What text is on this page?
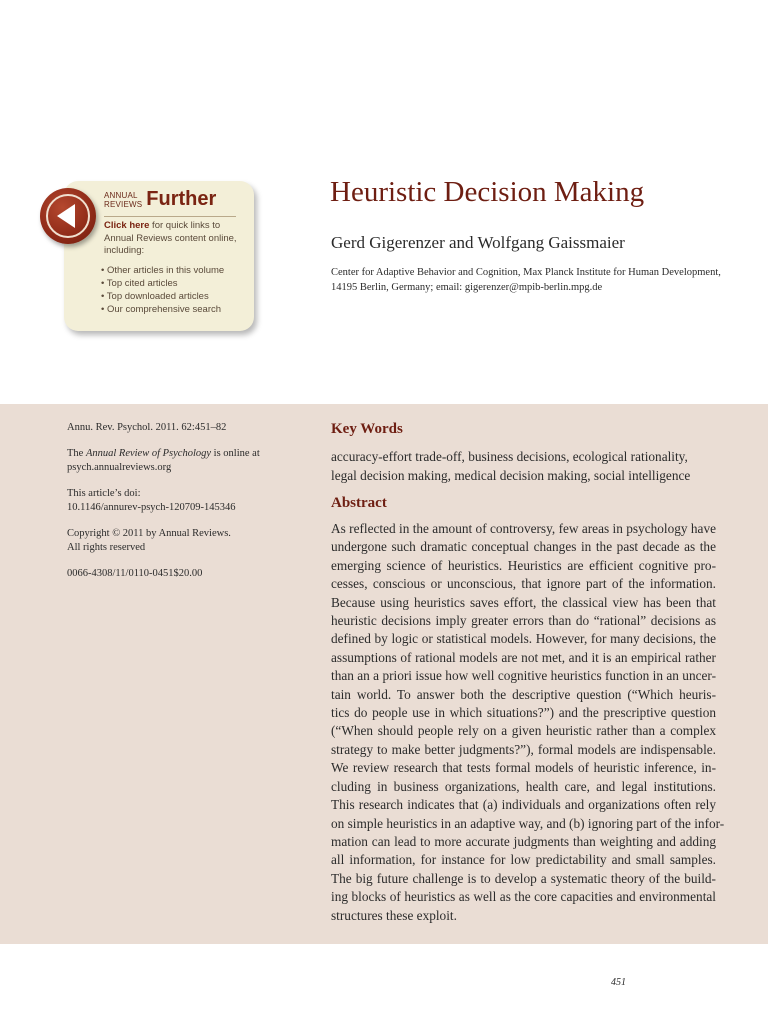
ANNUAL
REVIEWS Further
Click here for quick links to Annual Reviews content online, including:
• Other articles in this volume
• Top cited articles
• Top downloaded articles
• Our comprehensive search
Heuristic Decision Making
Gerd Gigerenzer and Wolfgang Gaissmaier
Center for Adaptive Behavior and Cognition, Max Planck Institute for Human Development, 14195 Berlin, Germany; email: gigerenzer@mpib-berlin.mpg.de

Annu. Rev. Psychol. 2011. 62:451–82

The Annual Review of Psychology is online at psych.annualreviews.org

This article’s doi:
10.1146/annurev-psych-120709-145346

Copyright © 2011 by Annual Reviews.
All rights reserved

0066-4308/11/0110-0451$20.00

Key Words
accuracy-effort trade-off, business decisions, ecological rationality, legal decision making, medical decision making, social intelligence
Abstract
As reflected in the amount of controversy, few areas in psychology have
undergone such dramatic conceptual changes in the past decade as the
emerging science of heuristics. Heuristics are efficient cognitive pro-
cesses, conscious or unconscious, that ignore part of the information.
Because using heuristics saves effort, the classical view has been that
heuristic decisions imply greater errors than do “rational” decisions as
defined by logic or statistical models. However, for many decisions, the
assumptions of rational models are not met, and it is an empirical rather
than an a priori issue how well cognitive heuristics function in an uncer-
tain world. To answer both the descriptive question (“Which heuris-
tics do people use in which situations?”) and the prescriptive question
(“When should people rely on a given heuristic rather than a complex
strategy to make better judgments?”), formal models are indispensable.
We review research that tests formal models of heuristic inference, in-
cluding in business organizations, health care, and legal institutions.
This research indicates that (a) individuals and organizations often rely
on simple heuristics in an adaptive way, and (b) ignoring part of the infor-
mation can lead to more accurate judgments than weighting and adding
all information, for instance for low predictability and small samples.
The big future challenge is to develop a systematic theory of the build-
ing blocks of heuristics as well as the core capacities and environmental
structures these exploit.
451
